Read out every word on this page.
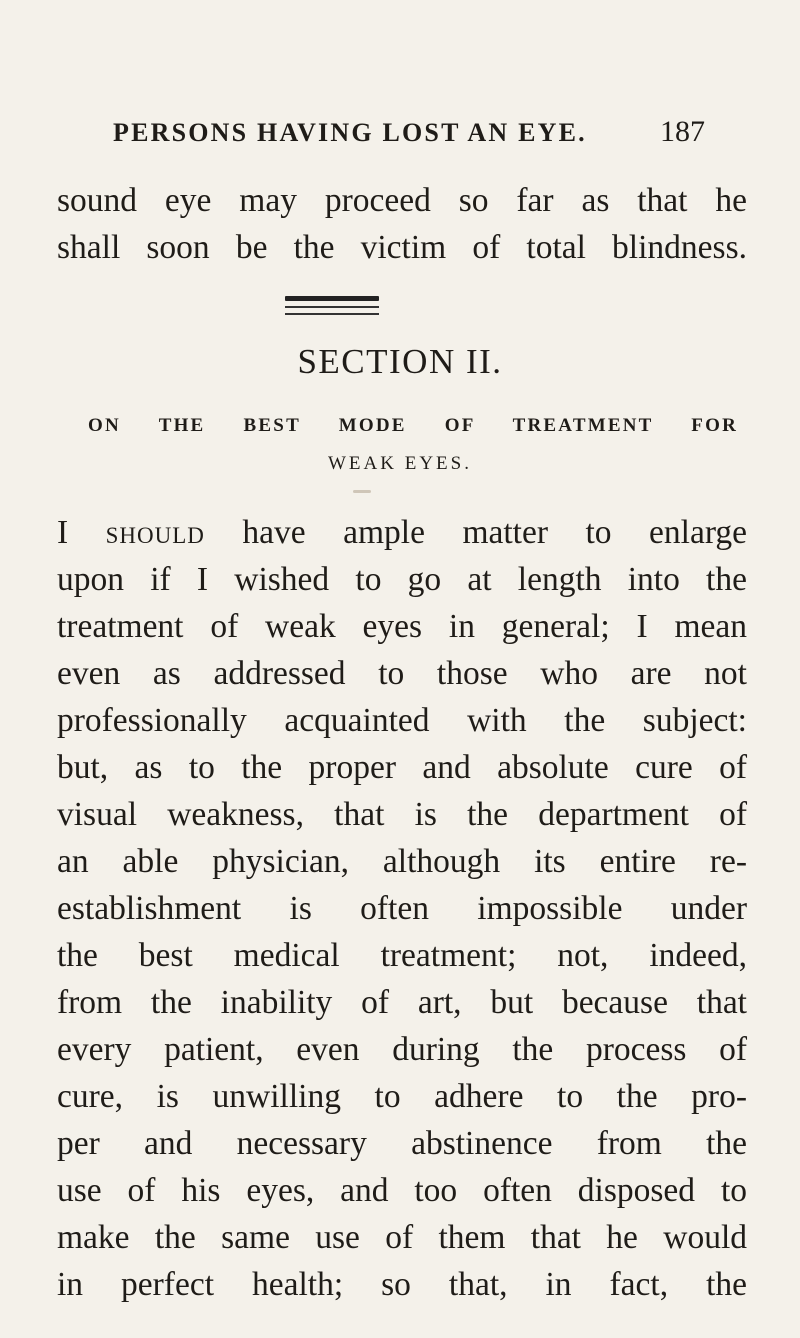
PERSONS HAVING LOST AN EYE. 187
sound eye may proceed so far as that he
shall soon be the victim of total blindness.
SECTION II.
ON THE BEST MODE OF TREATMENT FOR
WEAK EYES.
I should have ample matter to enlarge
upon if I wished to go at length into the
treatment of weak eyes in general; I mean
even as addressed to those who are not
professionally acquainted with the subject:
but, as to the proper and absolute cure of
visual weakness, that is the department of
an able physician, although its entire re-
establishment is often impossible under
the best medical treatment; not, indeed,
from the inability of art, but because that
every patient, even during the process of
cure, is unwilling to adhere to the pro-
per and necessary abstinence from the
use of his eyes, and too often disposed to
make the same use of them that he would
in perfect health; so that, in fact, the
